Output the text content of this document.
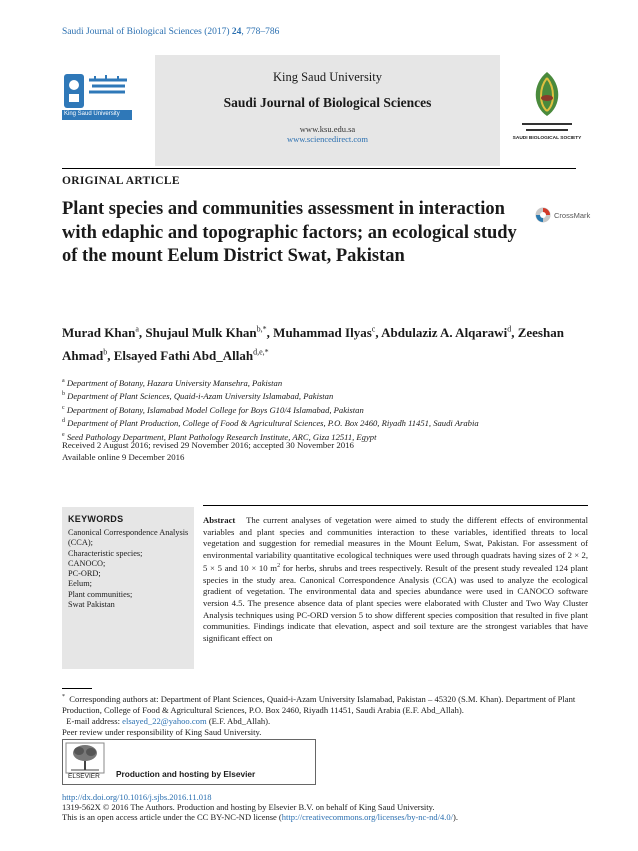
Saudi Journal of Biological Sciences (2017) 24, 778–786
King Saud University
King Saud University
Saudi Journal of Biological Sciences
www.ksu.edu.sa
www.sciencedirect.com	SAUDI BIOLOGICAL SOCIETY
ORIGINAL ARTICLE
Plant species and communities assessment in interaction with edaphic and topographic factors; an ecological study of the mount Eelum District Swat, Pakistan
CrossMark
Murad Khan$^a$, Shujaul Mulk Khan$^{b,*}$, Muhammad Ilyas$^c$, Abdulaziz A. Alqarawi$^d$, Zeeshan Ahmad$^b$, Elsayed Fathi Abd_Allah$^{d,e,*}$
$^a$ Department of Botany, Hazara University Mansehra, Pakistan
$^b$ Department of Plant Sciences, Quaid-i-Azam University Islamabad, Pakistan
$^c$ Department of Botany, Islamabad Model College for Boys G10/4 Islamabad, Pakistan
$^d$ Department of Plant Production, College of Food & Agricultural Sciences, P.O. Box 2460, Riyadh 11451, Saudi Arabia
$^e$ Seed Pathology Department, Plant Pathology Research Institute, ARC, Giza 12511, Egypt
Received 2 August 2016; revised 29 November 2016; accepted 30 November 2016
Available online 9 December 2016
KEYWORDS
Canonical Correspondence Analysis (CCA);
Characteristic species;
CANOCO;
PC-ORD;
Eelum;
Plant communities;
Swat Pakistan
Abstract The current analyses of vegetation were aimed to study the different effects of environmental variables and plant species and communities interaction to these variables, identified threats to local vegetation and suggestion for remedial measures in the Mount Eelum, Swat, Pakistan. For assessment of environmental variability quantitative ecological techniques were used through quadrats having sizes of 2 × 2, 5 × 5 and 10 × 10 $m^2$ for herbs, shrubs and trees respectively. Result of the present study revealed 124 plant species in the study area. Canonical Correspondence Analysis (CCA) was used to analyze the ecological gradient of vegetation. The environmental data and species abundance were used in CANOCO software version 4.5. The presence absence data of plant species were elaborated with Cluster and Two Way Cluster Analysis techniques using PC-ORD version 5 to show different species composition that resulted in five plant communities. Findings indicate that elevation, aspect and soil texture are the strongest variables that have significant effect on
* Corresponding authors at: Department of Plant Sciences, Quaid-i-Azam University Islamabad, Pakistan – 45320 (S.M. Khan). Department of Plant Production, College of Food & Agricultural Sciences, P.O. Box 2460, Riyadh 11451, Saudi Arabia (E.F. Abd_Allah).
E-mail address: elsayed_22@yahoo.com (E.F. Abd_Allah).
Peer review under responsibility of King Saud University.
ELSEVIER Production and hosting by Elsevier
http://dx.doi.org/10.1016/j.sjbs.2016.11.018
1319-562X © 2016 The Authors. Production and hosting by Elsevier B.V. on behalf of King Saud University.
This is an open access article under the CC BY-NC-ND license (http://creativecommons.org/licenses/by-nc-nd/4.0/).
